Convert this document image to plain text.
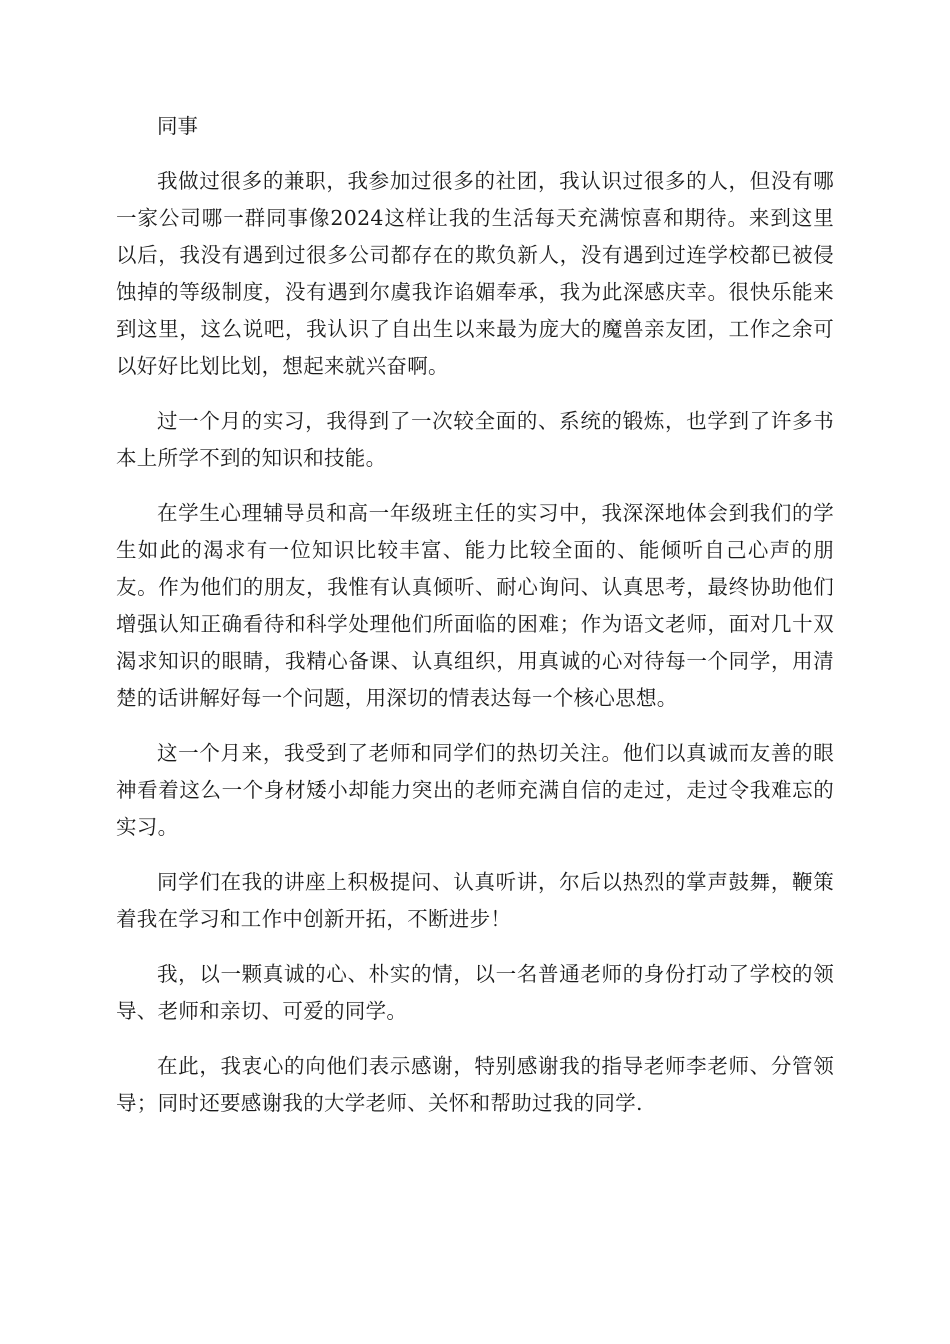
同事

我做过很多的兼职，我参加过很多的社团，我认识过很多的人，但没有哪一家公司哪一群同事像2024这样让我的生活每天充满惊喜和期待。来到这里以后，我没有遇到过很多公司都存在的欺负新人，没有遇到过连学校都已被侵蚀掉的等级制度，没有遇到尔虞我诈谄媚奉承，我为此深感庆幸。很快乐能来到这里，这么说吧，我认识了自出生以来最为庞大的魔兽亲友团，工作之余可以好好比划比划，想起来就兴奋啊。

过一个月的实习，我得到了一次较全面的、系统的锻炼，也学到了许多书本上所学不到的知识和技能。

在学生心理辅导员和高一年级班主任的实习中，我深深地体会到我们的学生如此的渴求有一位知识比较丰富、能力比较全面的、能倾听自己心声的朋友。作为他们的朋友，我惟有认真倾听、耐心询问、认真思考，最终协助他们增强认知正确看待和科学处理他们所面临的困难；作为语文老师，面对几十双渴求知识的眼睛，我精心备课、认真组织，用真诚的心对待每一个同学，用清楚的话讲解好每一个问题，用深切的情表达每一个核心思想。

这一个月来，我受到了老师和同学们的热切关注。他们以真诚而友善的眼神看着这么一个身材矮小却能力突出的老师充满自信的走过，走过令我难忘的实习。

同学们在我的讲座上积极提问、认真听讲，尔后以热烈的掌声鼓舞，鞭策着我在学习和工作中创新开拓，不断进步！

我，以一颗真诚的心、朴实的情，以一名普通老师的身份打动了学校的领导、老师和亲切、可爱的同学。

在此，我衷心的向他们表示感谢，特别感谢我的指导老师李老师、分管领导；同时还要感谢我的大学老师、关怀和帮助过我的同学.
